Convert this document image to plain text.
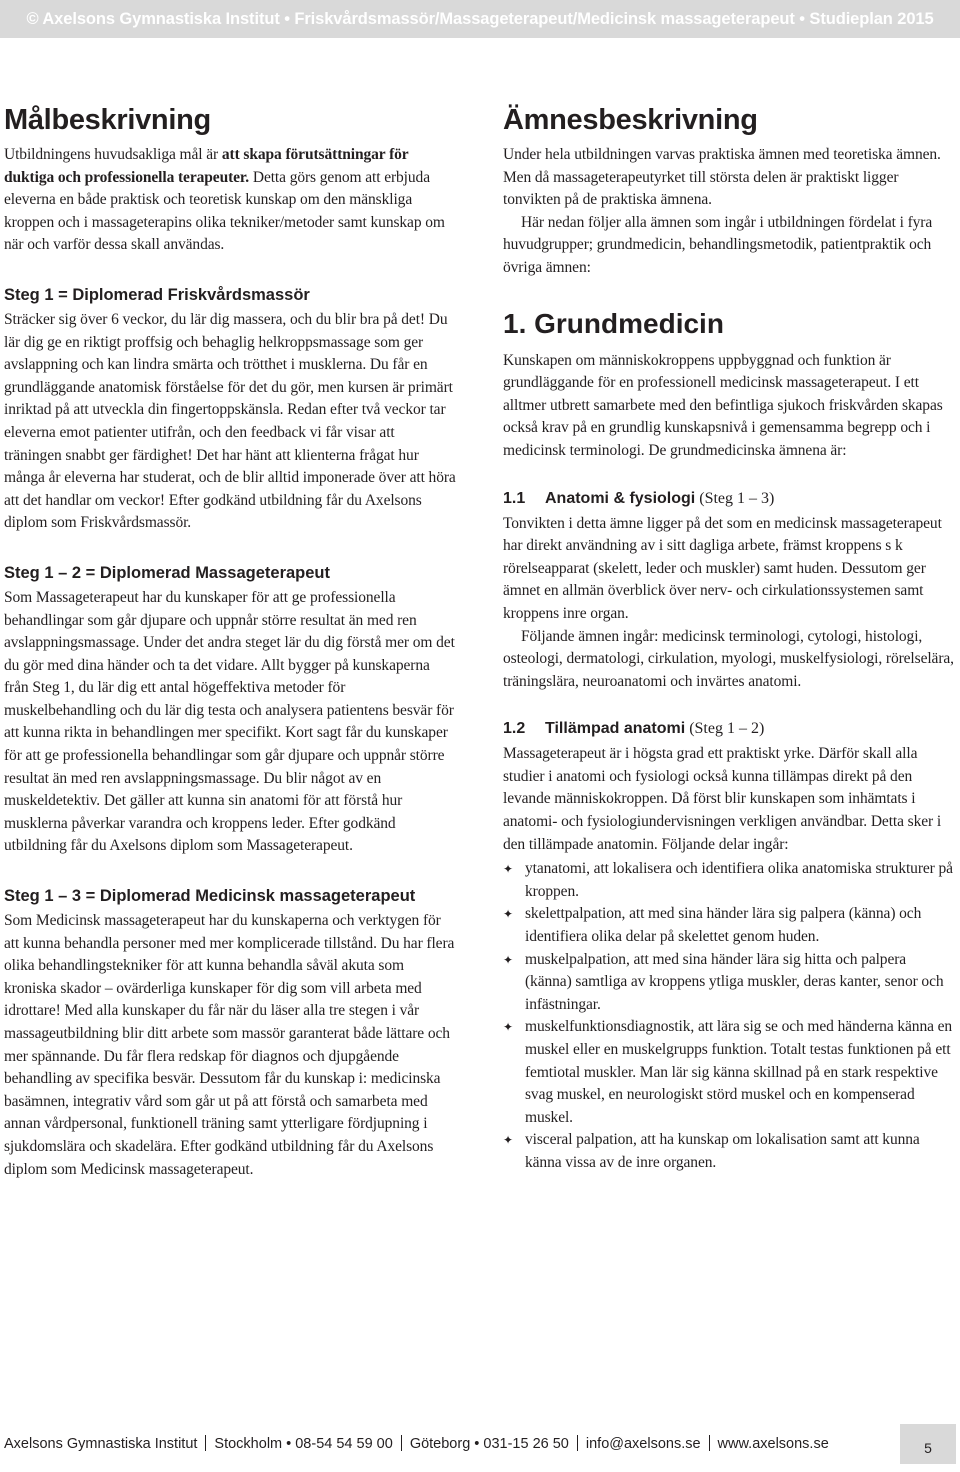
© Axelsons Gymnastiska Institut • Friskvårdsmassör/Massageterapeut/Medicinsk massageterapeut • Studieplan 2015
Målbeskrivning

Utbildningens huvudsakliga mål är att skapa förutsättningar för duktiga och professionella terapeuter. Detta görs genom att erbjuda eleverna en både praktisk och teoretisk kunskap om den mänskliga kroppen och i massageterapins olika tekniker/metoder samt kunskap om när och varför dessa skall användas.

Steg 1 = Diplomerad Friskvårdsmassör

Sträcker sig över 6 veckor, du lär dig massera, och du blir bra på det! Du lär dig ge en riktigt proffsig och behaglig helkroppsmassage som ger avslappning och kan lindra smärta och trötthet i musklerna. Du får en grundläggande anatomisk förståelse för det du gör, men kursen är primärt inriktad på att utveckla din fingertoppskänsla. Redan efter två veckor tar eleverna emot patienter utifrån, och den feedback vi får visar att träningen snabbt ger färdighet! Det har hänt att klienterna frågat hur många år eleverna har studerat, och de blir alltid imponerade över att höra att det handlar om veckor! Efter godkänd utbildning får du Axelsons diplom som Friskvårdsmassör.

Steg 1 – 2 = Diplomerad Massageterapeut

Som Massageterapeut har du kunskaper för att ge professionella behandlingar som går djupare och uppnår större resultat än med ren avslappningsmassage. Under det andra steget lär du dig förstå mer om det du gör med dina händer och ta det vidare. Allt bygger på kunskaperna från Steg 1, du lär dig ett antal högeffektiva metoder för muskelbehandling och du lär dig testa och analysera patientens besvär för att kunna rikta in behandlingen mer specifikt. Kort sagt får du kunskaper för att ge professionella behandlingar som går djupare och uppnår större resultat än med ren avslappningsmassage. Du blir något av en muskeldetektiv. Det gäller att kunna sin anatomi för att förstå hur musklerna påverkar varandra och kroppens leder. Efter godkänd utbildning får du Axelsons diplom som Massageterapeut.

Steg 1 – 3 = Diplomerad Medicinsk massageterapeut

Som Medicinsk massageterapeut har du kunskaperna och verktygen för att kunna behandla personer med mer komplicerade tillstånd. Du har flera olika behandlingstekniker för att kunna behandla såväl akuta som kroniska skador – ovärderliga kunskaper för dig som vill arbeta med idrottare! Med alla kunskaper du får när du läser alla tre stegen i vår massageutbildning blir ditt arbete som massör garanterat både lättare och mer spännande. Du får flera redskap för diagnos och djupgående behandling av specifika besvär. Dessutom får du kunskap i: medicinska basämnen, integrativ vård som går ut på att förstå och samarbeta med annan vårdpersonal, funktionell träning samt ytterligare fördjupning i sjukdomslära och skadelära. Efter godkänd utbildning får du Axelsons diplom som Medicinsk massageterapeut.

Ämnesbeskrivning

Under hela utbildningen varvas praktiska ämnen med teoretiska ämnen. Men då massageterapeutyrket till största delen är praktiskt ligger tonvikten på de praktiska ämnena.

Här nedan följer alla ämnen som ingår i utbildningen fördelat i fyra huvudgrupper; grundmedicin, behandlingsmetodik, patientpraktik och övriga ämnen:

1. Grundmedicin

Kunskapen om människokroppens uppbyggnad och funktion är grundläggande för en professionell medicinsk massageterapeut. I ett alltmer utbrett samarbete med den befintliga sjukoch friskvården skapas också krav på en grundlig kunskapsnivå i gemensamma begrepp och i medicinsk terminologi. De grundmedicinska ämnena är:

1.1 Anatomi & fysiologi (Steg 1 – 3)

Tonvikten i detta ämne ligger på det som en medicinsk massageterapeut har direkt användning av i sitt dagliga arbete, främst kroppens s k rörelseapparat (skelett, leder och muskler) samt huden. Dessutom ger ämnet en allmän överblick över nerv- och cirkulationssystemen samt kroppens inre organ.

Följande ämnen ingår: medicinsk terminologi, cytologi, histologi, osteologi, dermatologi, cirkulation, myologi, muskelfysiologi, rörelselära, träningslära, neuroanatomi och invärtes anatomi.

1.2 Tillämpad anatomi (Steg 1 – 2)

Massageterapeut är i högsta grad ett praktiskt yrke. Därför skall alla studier i anatomi och fysiologi också kunna tillämpas direkt på den levande människokroppen. Då först blir kunskapen som inhämtats i anatomi- och fysiologiundervisningen verkligen användbar. Detta sker i den tillämpade anatomin. Följande delar ingår:

✦ ytanatomi, att lokalisera och identifiera olika anatomiska strukturer på kroppen.
✦ skelettpalpation, att med sina händer lära sig palpera (känna) och identifiera olika delar på skelettet genom huden.
✦ muskelpalpation, att med sina händer lära sig hitta och palpera (känna) samtliga av kroppens ytliga muskler, deras kanter, senor och infästningar.
✦ muskelfunktionsdiagnostik, att lära sig se och med händerna känna en muskel eller en muskelgrupps funktion. Totalt testas funktionen på ett femtiotal muskler. Man lär sig känna skillnad på en stark respektive svag muskel, en neurologiskt störd muskel och en kompenserad muskel.
✦ visceral palpation, att ha kunskap om lokalisation samt att kunna känna vissa av de inre organen.
Axelsons Gymnastiska Institut Stockholm • 08-54 54 59 00 Göteborg • 031-15 26 50 info@axelsons.se www.axelsons.se	5
